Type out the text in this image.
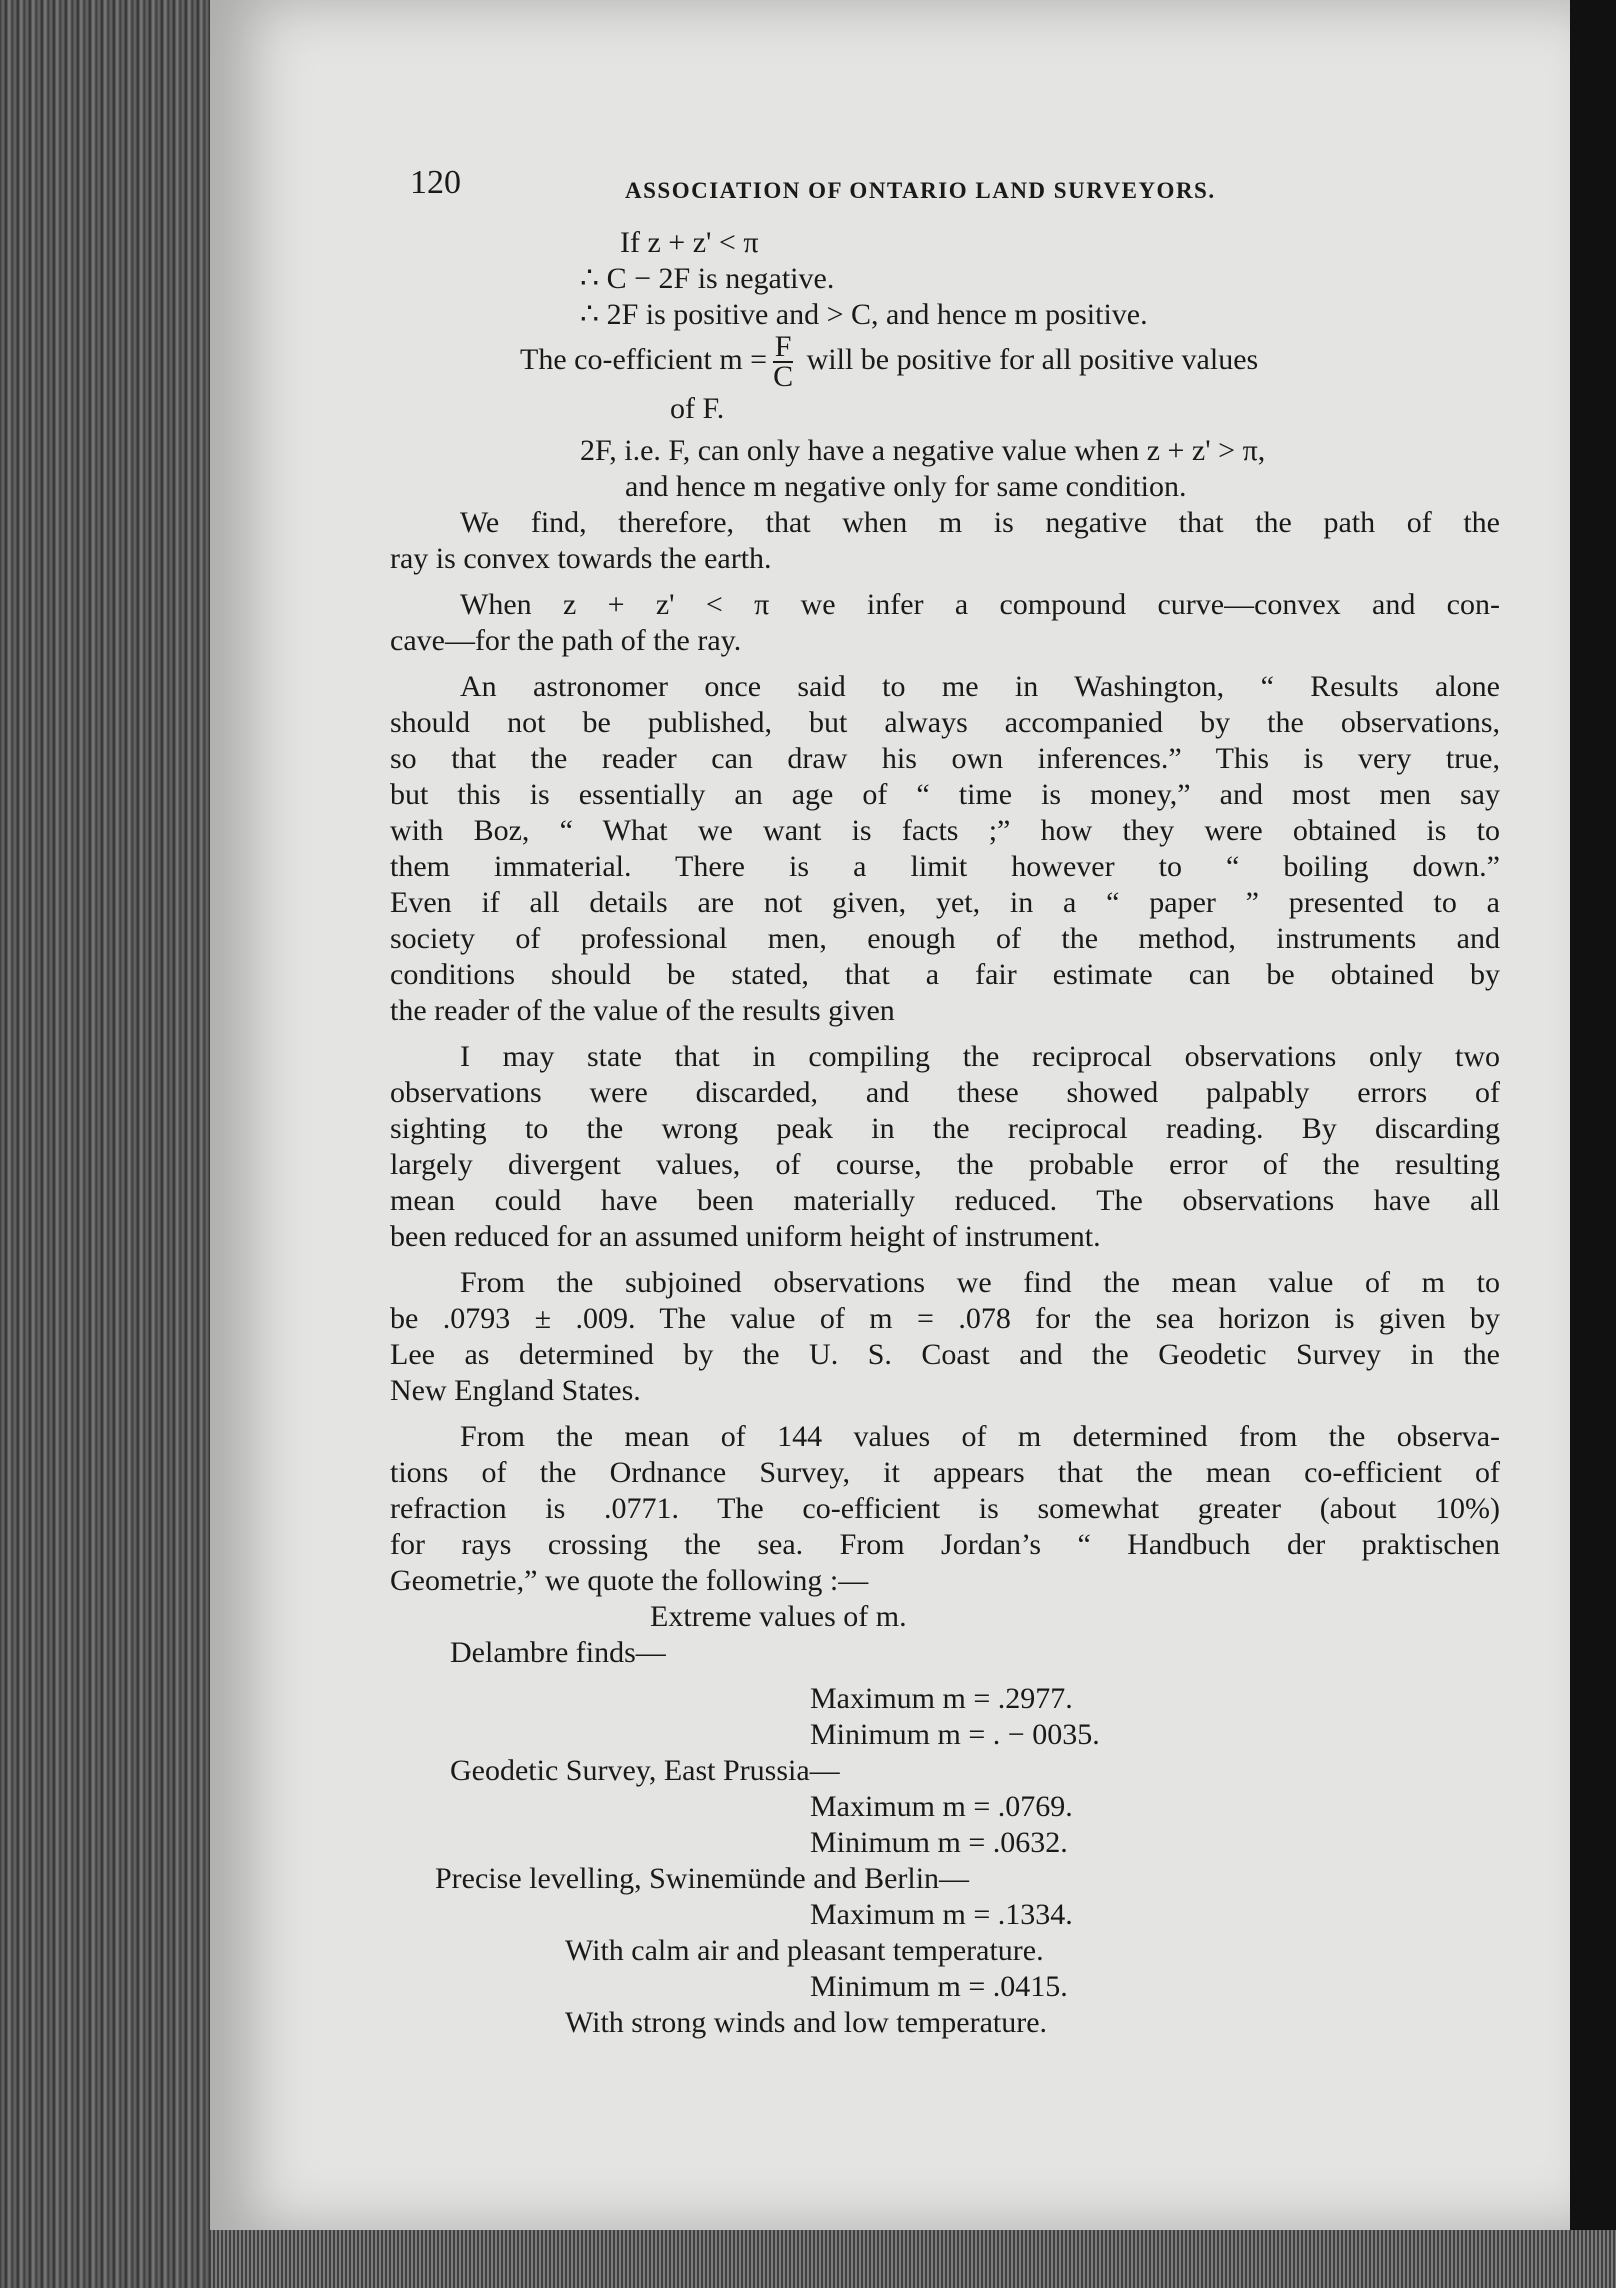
120	ASSOCIATION OF ONTARIO LAND SURVEYORS.
If z + z' < π
∴ C − 2F is negative.
∴ 2F is positive and > C, and hence m positive.
The co-efficient $m = \frac{F}{C}$ will be positive for all positive values
of F.
2F, i.e. F, can only have a negative value when z + z' > π,
and hence m negative only for same condition.
We find, therefore, that when m is negative that the path of the
ray is convex towards the earth.
When z + z' < π we infer a compound curve—convex and con-
cave—for the path of the ray.
An astronomer once said to me in Washington, “ Results alone
should not be published, but always accompanied by the observations,
so that the reader can draw his own inferences.” This is very true,
but this is essentially an age of “ time is money,” and most men say
with Boz, “ What we want is facts ;” how they were obtained is to
them immaterial. There is a limit however to “ boiling down.”
Even if all details are not given, yet, in a “ paper ” presented to a
society of professional men, enough of the method, instruments and
conditions should be stated, that a fair estimate can be obtained by
the reader of the value of the results given
I may state that in compiling the reciprocal observations only two
observations were discarded, and these showed palpably errors of
sighting to the wrong peak in the reciprocal reading. By discarding
largely divergent values, of course, the probable error of the resulting
mean could have been materially reduced. The observations have all
been reduced for an assumed uniform height of instrument.
From the subjoined observations we find the mean value of m to
be .0793 ± .009. The value of m = .078 for the sea horizon is given by
Lee as determined by the U. S. Coast and the Geodetic Survey in the
New England States.
From the mean of 144 values of m determined from the observa-
tions of the Ordnance Survey, it appears that the mean co-efficient of
refraction is .0771. The co-efficient is somewhat greater (about 10%)
for rays crossing the sea. From Jordan’s “ Handbuch der praktischen
Geometrie,” we quote the following :—
Extreme values of m.
Delambre finds—
Maximum m = .2977.
Minimum m = . − 0035.
Geodetic Survey, East Prussia—
Maximum m = .0769.
Minimum m = .0632.
Precise levelling, Swinemünde and Berlin—
Maximum m = .1334.
With calm air and pleasant temperature.
Minimum m = .0415.
With strong winds and low temperature.
